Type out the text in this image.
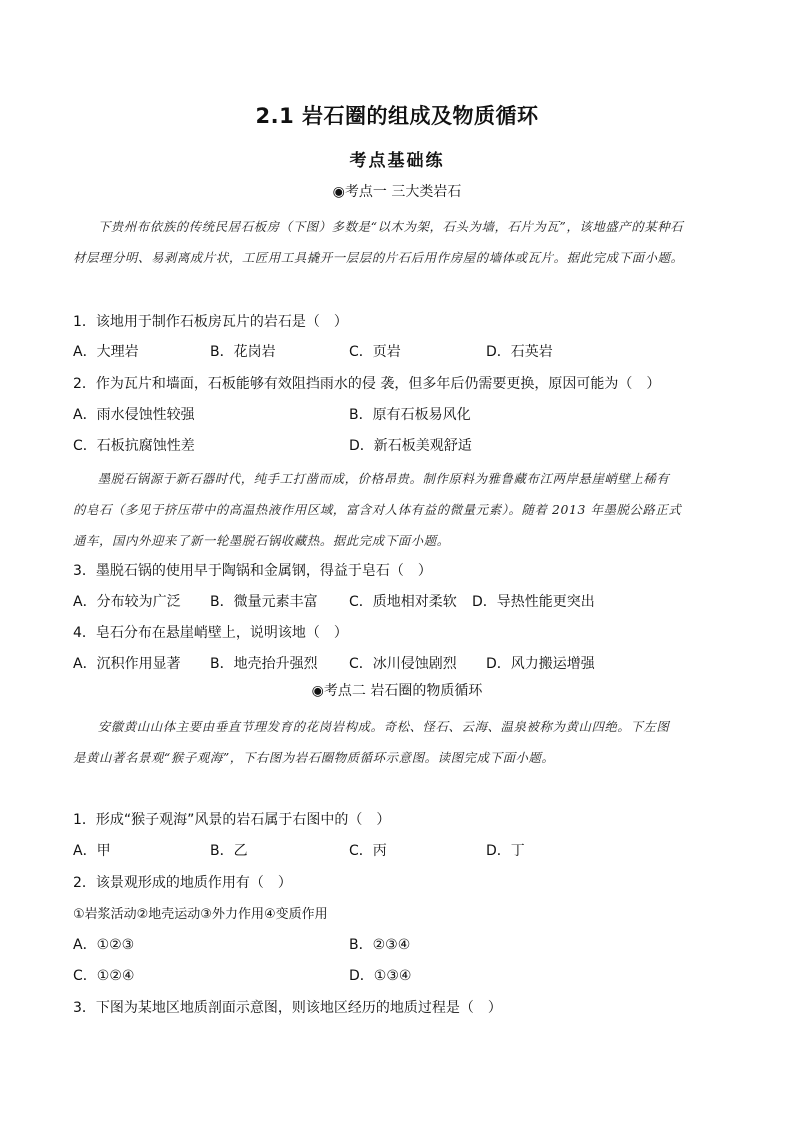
2.1 岩石圈的组成及物质循环
考点基础练
◉考点一 三大类岩石
下贵州布依族的传统民居石板房（下图）多数是“以木为架，石头为墙，石片为瓦”，该地盛产的某种石
材层理分明、易剥离成片状，工匠用工具撬开一层层的片石后用作房屋的墙体或瓦片。据此完成下面小题。
1．该地用于制作石板房瓦片的岩石是（　）
A．大理岩	B．花岗岩	C．页岩	D．石英岩
2．作为瓦片和墙面，石板能够有效阻挡雨水的侵 袭，但多年后仍需要更换，原因可能为（　）
A．雨水侵蚀性较强	B．原有石板易风化
C．石板抗腐蚀性差	D．新石板美观舒适
墨脱石锅源于新石器时代，纯手工打凿而成，价格昂贵。制作原料为雅鲁藏布江两岸悬崖峭壁上稀有
的皂石（多见于挤压带中的高温热液作用区域，富含对人体有益的微量元素）。随着 2013 年墨脱公路正式
通车，国内外迎来了新一轮墨脱石锅收藏热。据此完成下面小题。
3．墨脱石锅的使用早于陶锅和金属钢，得益于皂石（　）
A．分布较为广泛 B．微量元素丰富 C．质地相对柔软 D．导热性能更突出
4．皂石分布在悬崖峭壁上，说明该地（　）
A．沉积作用显著 B．地壳抬升强烈 C．冰川侵蚀剧烈 D．风力搬运增强
◉考点二 岩石圈的物质循环
安徽黄山山体主要由垂直节理发育的花岗岩构成。奇松、怪石、云海、温泉被称为黄山四绝。下左图
是黄山著名景观“猴子观海”，下右图为岩石圈物质循环示意图。读图完成下面小题。
1．形成“猴子观海”风景的岩石属于右图中的（　）
A．甲	B．乙	C．丙	D．丁
2．该景观形成的地质作用有（　）
①岩浆活动②地壳运动③外力作用④变质作用
A．①②③	B．②③④
C．①②④	D．①③④
3．下图为某地区地质剖面示意图，则该地区经历的地质过程是（　）
